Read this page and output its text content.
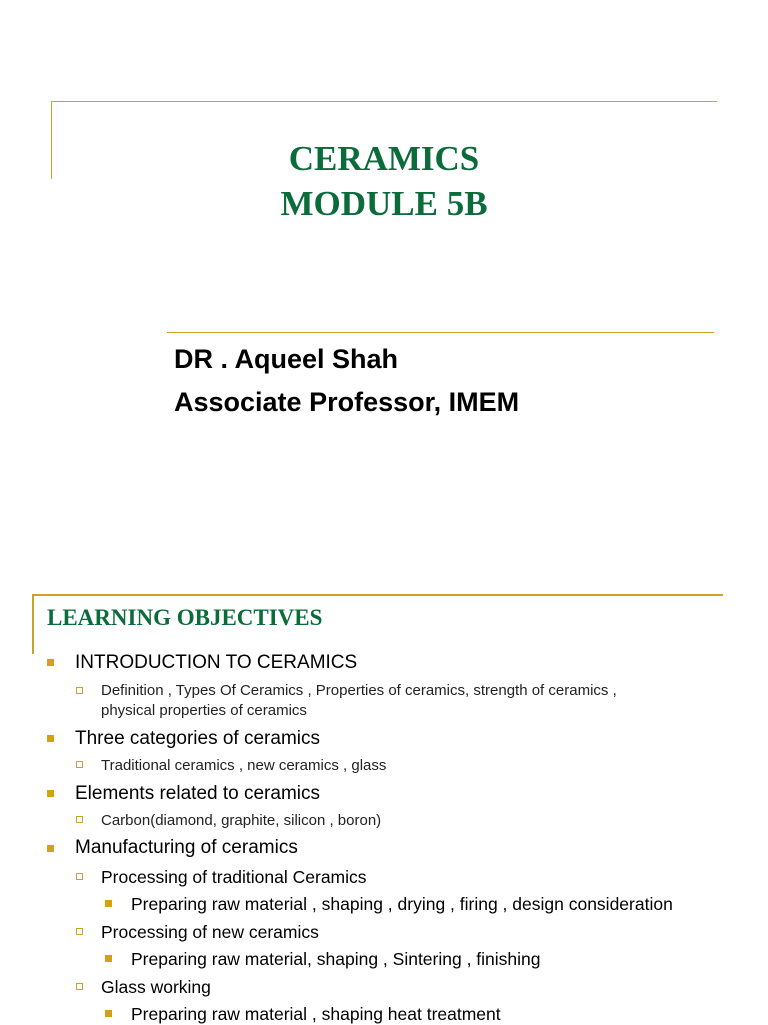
CERAMICS
MODULE 5B
DR . Aqueel Shah
Associate Professor, IMEM
LEARNING OBJECTIVES
INTRODUCTION TO CERAMICS
Definition , Types Of Ceramics , Properties of ceramics, strength of ceramics ,
physical properties of ceramics
Three categories of ceramics
Traditional ceramics , new ceramics , glass
Elements related to ceramics
Carbon(diamond, graphite, silicon , boron)
Manufacturing of ceramics
Processing of traditional Ceramics
Preparing raw material , shaping , drying , firing , design consideration
Processing of new ceramics
Preparing raw material, shaping , Sintering , finishing
Glass working
Preparing raw material , shaping heat treatment
